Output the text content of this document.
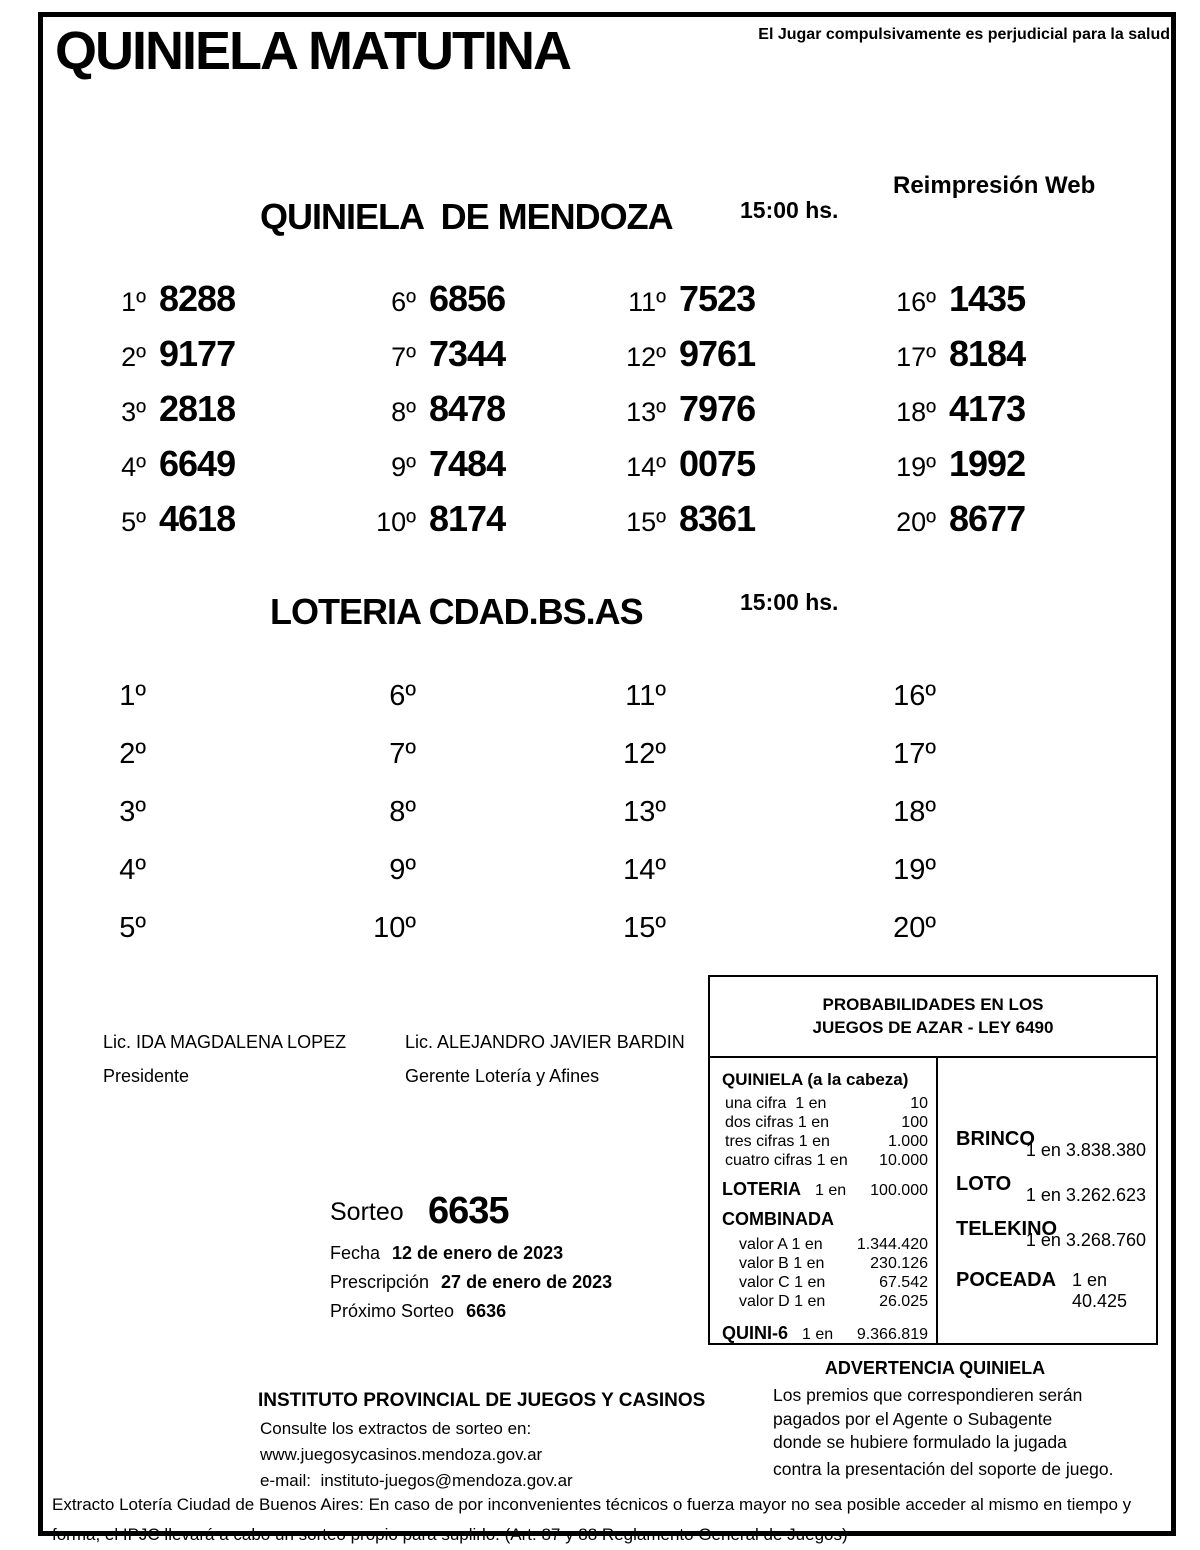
QUINIELA MATUTINA	El Jugar compulsivamente es perjudicial para la salud
Reimpresión Web
QUINIELA  DE MENDOZA	15:00 hs.
1º 8288
2º 9177
3º 2818
4º 6649
5º 4618
6º 6856
7º 7344
8º 8478
9º 7484
10º 8174
11º 7523
12º 9761
13º 7976
14º 0075
15º 8361
16º 1435
17º 8184
18º 4173
19º 1992
20º 8677
LOTERIA CDAD.BS.AS	15:00 hs.
1º
2º
3º
4º
5º
6º
7º
8º
9º
10º
11º
12º
13º
14º
15º
16º
17º
18º
19º
20º
Lic. IDA MAGDALENA LOPEZ
Presidente
Lic. ALEJANDRO JAVIER BARDIN
Gerente Lotería y Afines
Sorteo 6635
Fecha 12 de enero de 2023
Prescripción 27 de enero de 2023
Próximo Sorteo 6636
PROBABILIDADES EN LOS
JUEGOS DE AZAR - LEY 6490
QUINIELA (a la cabeza)
una cifra  1 en	10
dos cifras 1 en	100
tres cifras 1 en	1.000
cuatro cifras 1 en 10.000
LOTERIA 1 en 100.000
COMBINADA
valor A 1 en 1.344.420
valor B 1 en	230.126
valor C 1 en	67.542
valor D 1 en	26.025
QUINI-6 1 en 9.366.819
BRINCO
1 en 3.838.380
LOTO 1 en 3.262.623
TELEKINO
1 en 3.268.760
POCEADA 1 en 40.425
ADVERTENCIA QUINIELA
Los premios que correspondieren serán
pagados por el Agente o Subagente
donde se hubiere formulado la jugada
contra la presentación del soporte de juego.
INSTITUTO PROVINCIAL DE JUEGOS Y CASINOS
Consulte los extractos de sorteo en:
www.juegosycasinos.mendoza.gov.ar
e-mail:  instituto-juegos@mendoza.gov.ar
Extracto Lotería Ciudad de Buenos Aires: En caso de por inconvenientes técnicos o fuerza mayor no sea posible acceder al mismo en tiempo y
forma, el IPJC llevará a cabo un sorteo propio para suplirlo. (Art. 87 y 88 Reglamento General de Juegos)
